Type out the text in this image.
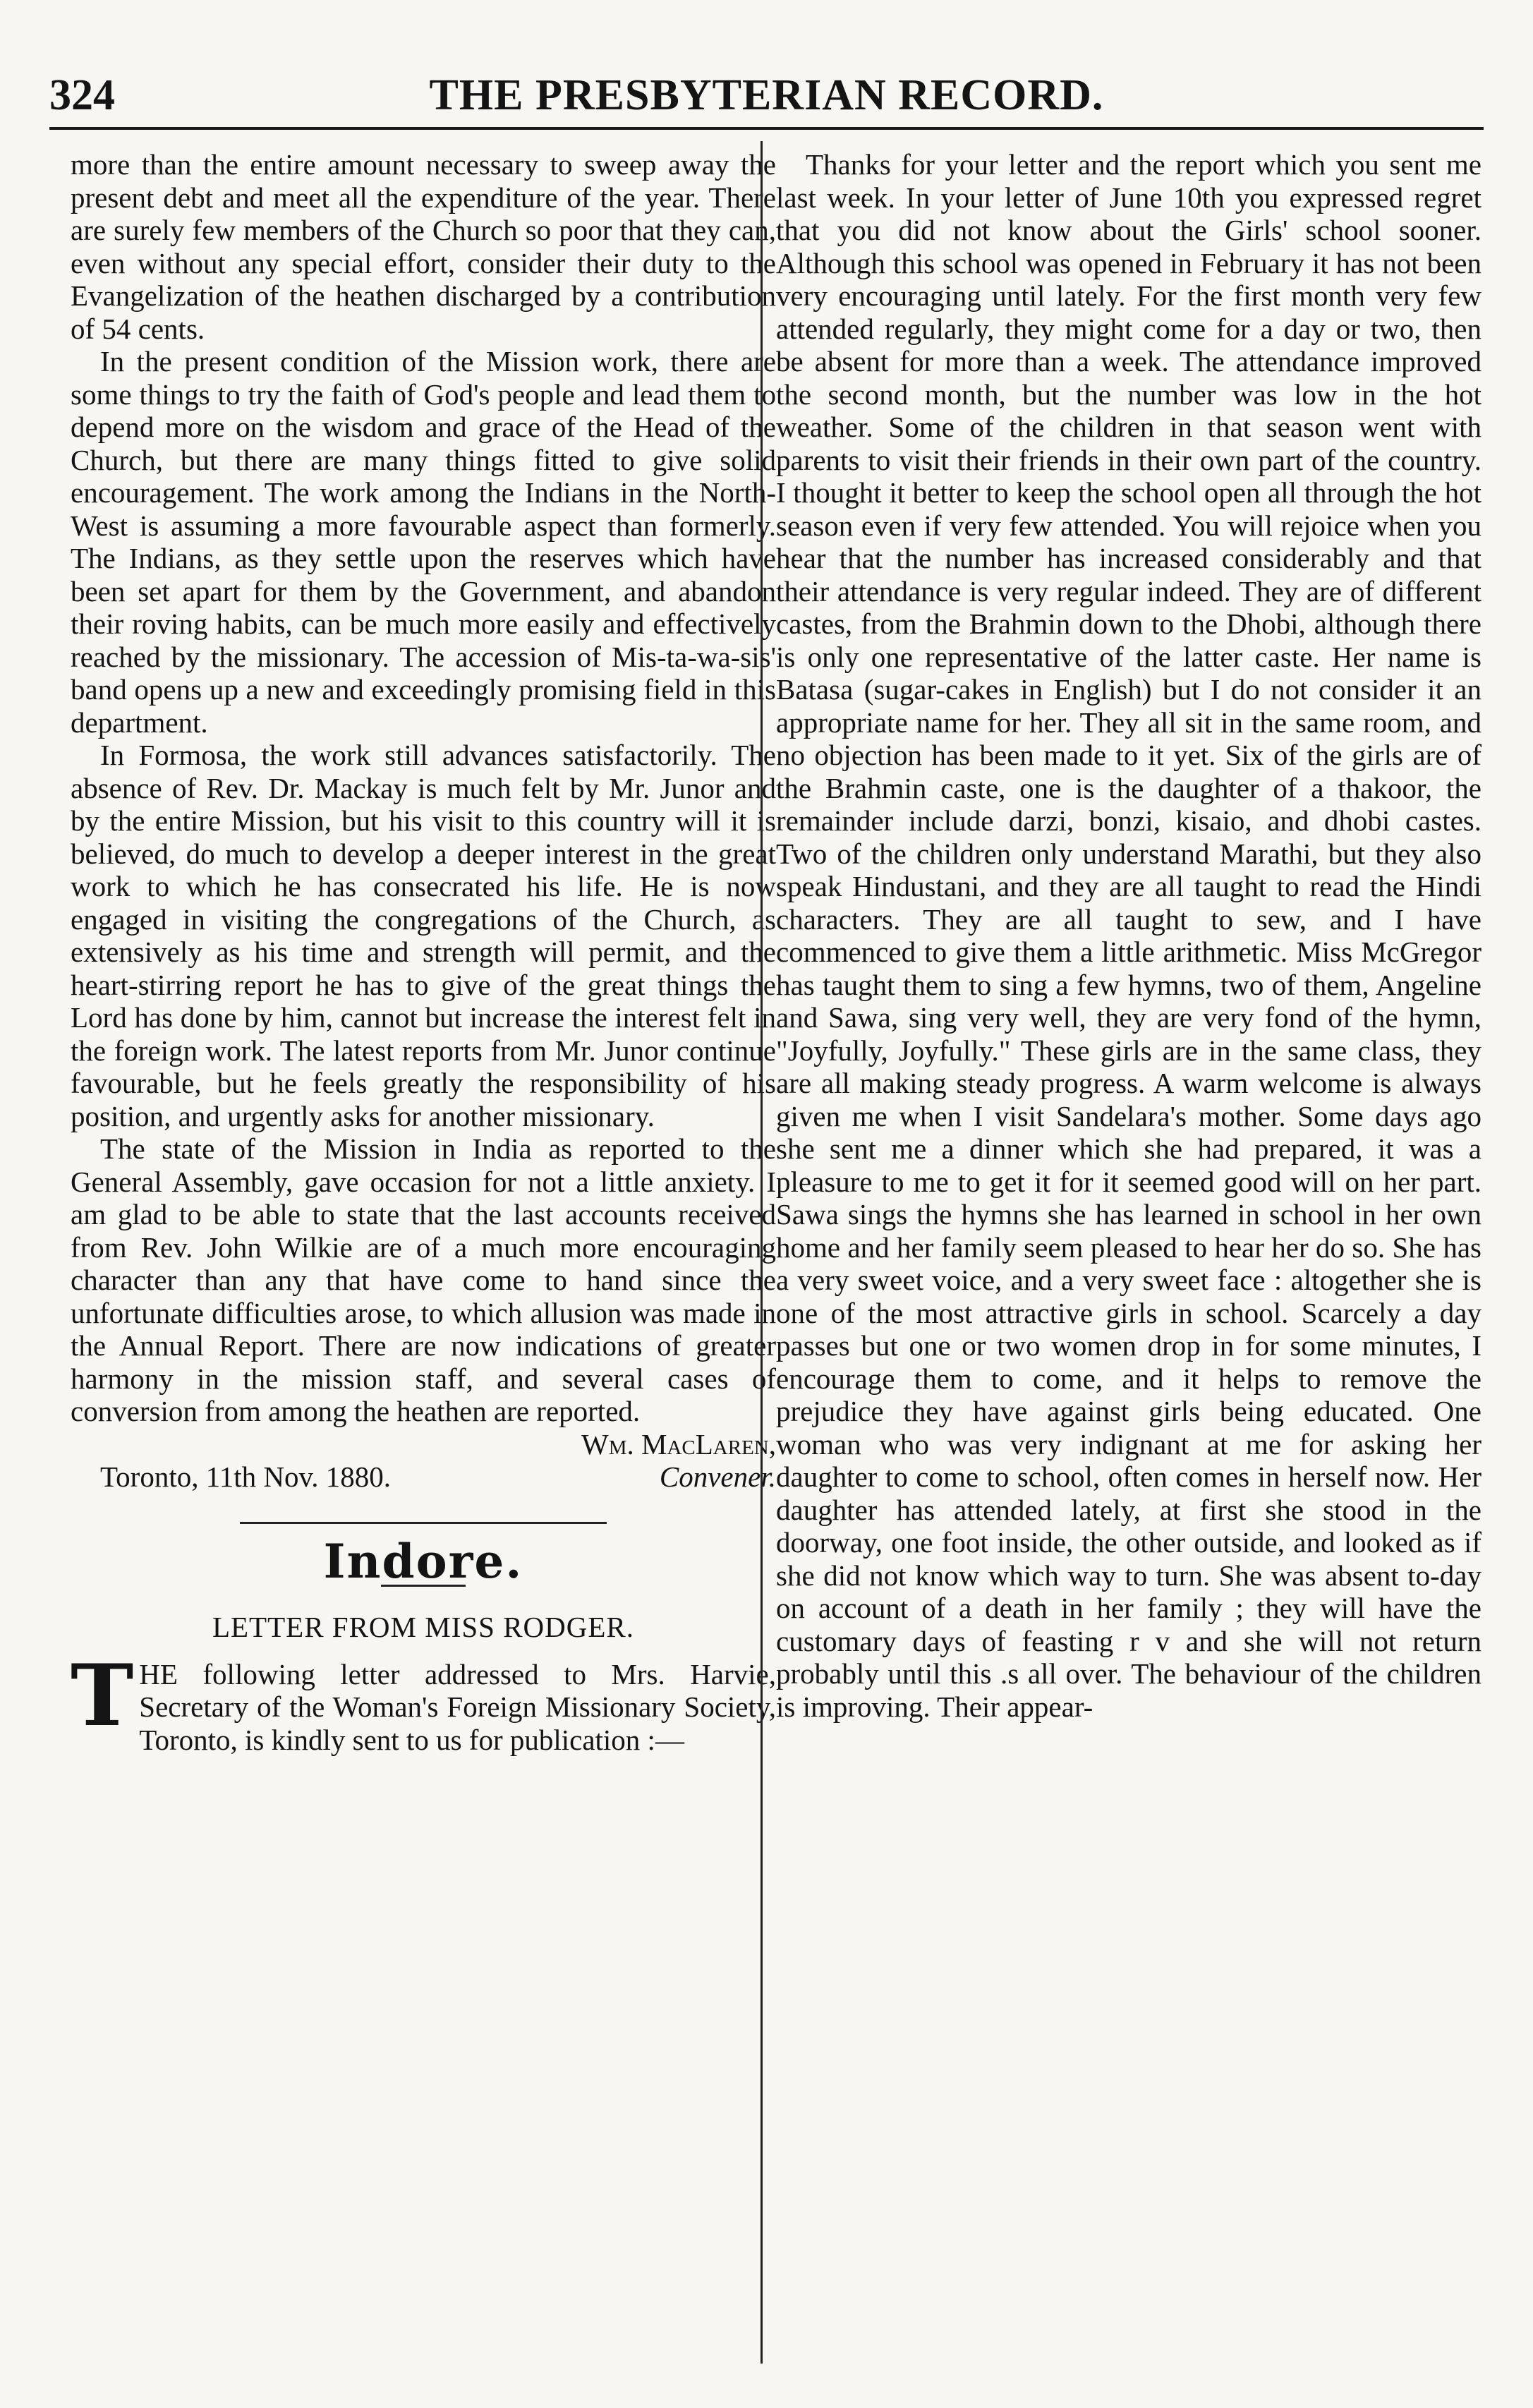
324	THE PRESBYTERIAN RECORD.

more than the entire amount necessary to sweep away the present debt and meet all the expenditure of the year. There are surely few members of the Church so poor that they can, even without any special effort, consider their duty to the Evangelization of the heathen discharged by a contribution of 54 cents.

In the present condition of the Mission work, there are some things to try the faith of God's people and lead them to depend more on the wisdom and grace of the Head of the Church, but there are many things fitted to give solid encouragement. The work among the Indians in the North-West is assuming a more favourable aspect than formerly. The Indians, as they settle upon the reserves which have been set apart for them by the Government, and abandon their roving habits, can be much more easily and effectively reached by the missionary. The accession of Mis-ta-wa-sis' band opens up a new and exceedingly promising field in this department.

In Formosa, the work still advances satisfactorily. The absence of Rev. Dr. Mackay is much felt by Mr. Junor and by the entire Mission, but his visit to this country will it is believed, do much to develop a deeper interest in the great work to which he has consecrated his life. He is now engaged in visiting the congregations of the Church, as extensively as his time and strength will permit, and the heart-stirring report he has to give of the great things the Lord has done by him, cannot but increase the interest felt in the foreign work. The latest reports from Mr. Junor continue favourable, but he feels greatly the responsibility of his position, and urgently asks for another missionary.

The state of the Mission in India as reported to the General Assembly, gave occasion for not a little anxiety. I am glad to be able to state that the last accounts received from Rev. John Wilkie are of a much more encouraging character than any that have come to hand since the unfortunate difficulties arose, to which allusion was made in the Annual Report. There are now indications of greater harmony in the mission staff, and several cases of conversion from among the heathen are reported.

Wm. MacLaren,

Toronto, 11th Nov. 1880.	Convener.

Indore.

LETTER FROM MISS RODGER.

THE following letter addressed to Mrs. Harvie, Secretary of the Woman's Foreign Missionary Society, Toronto, is kindly sent to us for publication :—

Thanks for your letter and the report which you sent me last week. In your letter of June 10th you expressed regret that you did not know about the Girls' school sooner. Although this school was opened in February it has not been very encouraging until lately. For the first month very few attended regularly, they might come for a day or two, then be absent for more than a week. The attendance improved the second month, but the number was low in the hot weather. Some of the children in that season went with parents to visit their friends in their own part of the country. I thought it better to keep the school open all through the hot season even if very few attended. You will rejoice when you hear that the number has increased considerably and that their attendance is very regular indeed. They are of different castes, from the Brahmin down to the Dhobi, although there is only one representative of the latter caste. Her name is Batasa (sugar-cakes in English) but I do not consider it an appropriate name for her. They all sit in the same room, and no objection has been made to it yet. Six of the girls are of the Brahmin caste, one is the daughter of a thakoor, the remainder include darzi, bonzi, kisaio, and dhobi castes. Two of the children only understand Marathi, but they also speak Hindustani, and they are all taught to read the Hindi characters. They are all taught to sew, and I have commenced to give them a little arithmetic. Miss McGregor has taught them to sing a few hymns, two of them, Angeline and Sawa, sing very well, they are very fond of the hymn, "Joyfully, Joyfully." These girls are in the same class, they are all making steady progress. A warm welcome is always given me when I visit Sandelara's mother. Some days ago she sent me a dinner which she had prepared, it was a pleasure to me to get it for it seemed good will on her part. Sawa sings the hymns she has learned in school in her own home and her family seem pleased to hear her do so. She has a very sweet voice, and a very sweet face : altogether she is one of the most attractive girls in school. Scarcely a day passes but one or two women drop in for some minutes, I encourage them to come, and it helps to remove the prejudice they have against girls being educated. One woman who was very indignant at me for asking her daughter to come to school, often comes in herself now. Her daughter has attended lately, at first she stood in the doorway, one foot inside, the other outside, and looked as if she did not know which way to turn. She was absent to-day on account of a death in her family ; they will have the customary days of feasting r v and she will not return probably until this .s all over. The behaviour of the children is improving. Their appear-
